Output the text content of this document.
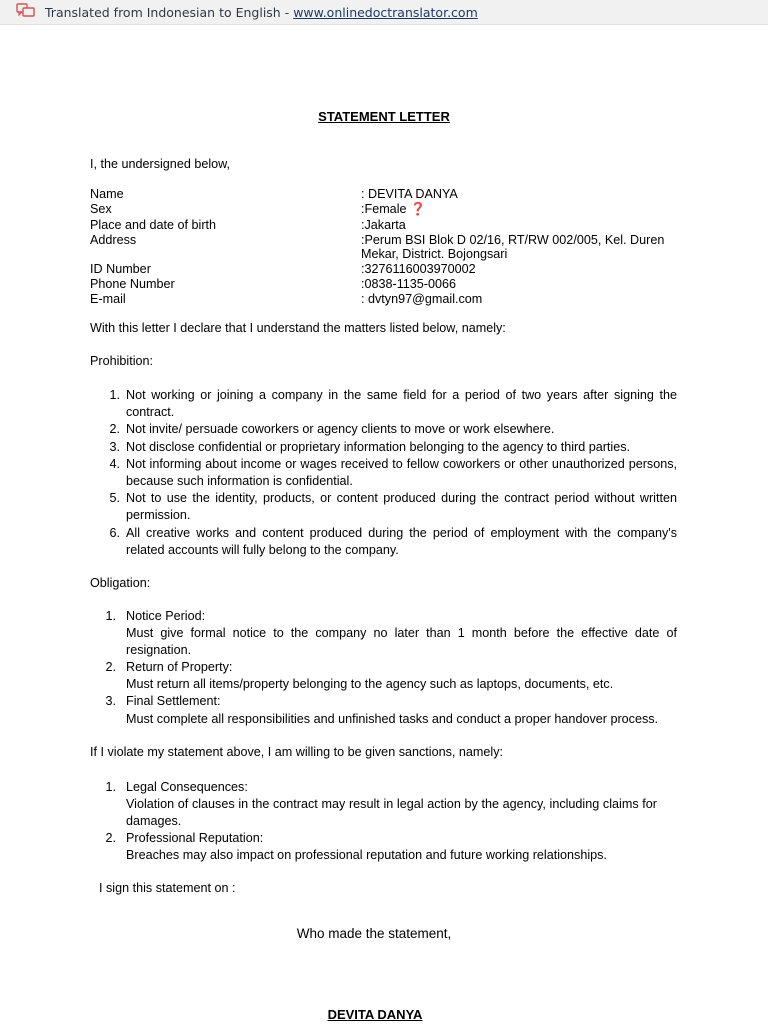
Translated from Indonesian to English - www.onlinedoctranslator.com
STATEMENT LETTER
I, the undersigned below,
Name	: DEVITA DANYA
Sex	:Female ❓
Place and date of birth	:Jakarta
Address	:Perum BSI Blok D 02/16, RT/RW 002/005, Kel. Duren
Mekar, District. Bojongsari
ID Number	:3276116003970002
Phone Number	:0838-1135-0066
E-mail	: dvtyn97@gmail.com
With this letter I declare that I understand the matters listed below, namely:
Prohibition:
1. Not working or joining a company in the same field for a period of two years after signing the contract.
2. Not invite/ persuade coworkers or agency clients to move or work elsewhere.
3. Not disclose confidential or proprietary information belonging to the agency to third parties.
4. Not informing about income or wages received to fellow coworkers or other unauthorized persons, because such information is confidential.
5. Not to use the identity, products, or content produced during the contract period without written permission.
6. All creative works and content produced during the period of employment with the company's related accounts will fully belong to the company.
Obligation:
1. Notice Period:
Must give formal notice to the company no later than 1 month before the effective date of resignation.
2. Return of Property:
Must return all items/property belonging to the agency such as laptops, documents, etc.
3. Final Settlement:
Must complete all responsibilities and unfinished tasks and conduct a proper handover process.
If I violate my statement above, I am willing to be given sanctions, namely:
1. Legal Consequences:
Violation of clauses in the contract may result in legal action by the agency, including claims for damages.
2. Professional Reputation:
Breaches may also impact on professional reputation and future working relationships.
I sign this statement on :
Who made the statement,
DEVITA DANYA
